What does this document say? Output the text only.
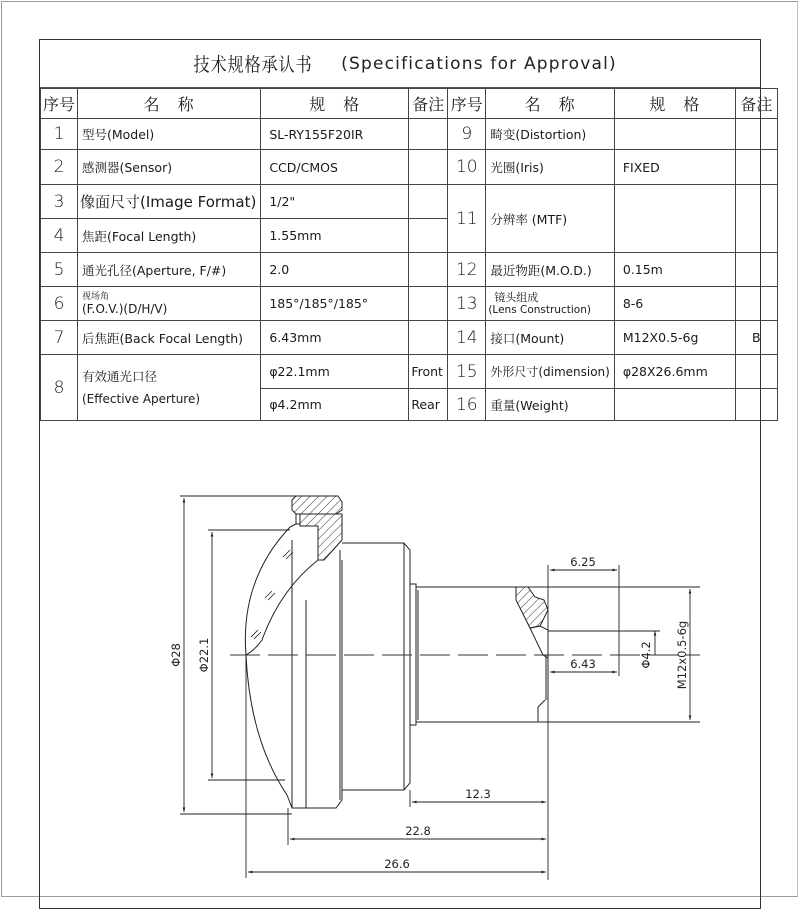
技术规格承认书 (Specifications for Approval)
序号	名　称	规　格	备注	序号	名　称	规　格	备注
1	型号(Model)	SL-RY155F20IR		9	畸变(Distortion)		
2	感测器(Sensor)	CCD/CMOS		10	光圈(Iris)	FIXED	
3	像面尺寸(Image Format)	1/2"		11	分辨率 (MTF)		
4	焦距(Focal Length)	1.55mm					
5	通光孔径(Aperture, F/#)	2.0		12	最近物距(M.O.D.)	0.15m	
6	视场角
(F.O.V.)(D/H/V)	185°/185°/185°		13	镜头组成
(Lens Construction)	8-6	
7	后焦距(Back Focal Length)	6.43mm		14	接口(Mount)	M12X0.5-6g	B
8	有效通光口径
(Effective Aperture)	φ22.1mm	Front	15	外形尺寸(dimension)	φ28X26.6mm	
		φ4.2mm	Rear	16	重量(Weight)		
Φ28 Φ22.1
6.25
6.43	Φ4.2 M12x0.5-6g
12.3
22.8
26.6
